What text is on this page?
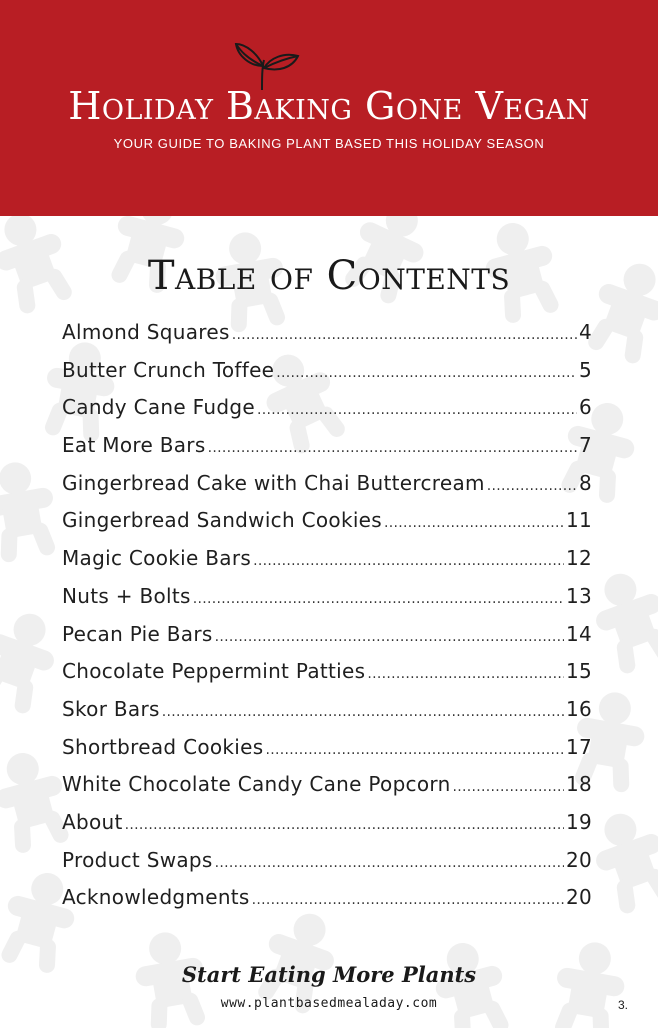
Holiday Baking Gone Vegan
YOUR GUIDE TO BAKING PLANT BASED THIS HOLIDAY SEASON
Table of Contents
Almond Squares .....	4
Butter Crunch Toffee .....	5
Candy Cane Fudge .....	6
Eat More Bars .....	7
Gingerbread Cake with Chai Buttercream .....	8
Gingerbread Sandwich Cookies .....	11
Magic Cookie Bars .....	12
Nuts + Bolts .....	13
Pecan Pie Bars .....	14
Chocolate Peppermint Patties .....	15
Skor Bars .....	16
Shortbread Cookies .....	17
White Chocolate Candy Cane Popcorn .....	18
About .....	19
Product Swaps .....	20
Acknowledgments .....	20
Start Eating More Plants
www.plantbasedmealaday.com	3.
